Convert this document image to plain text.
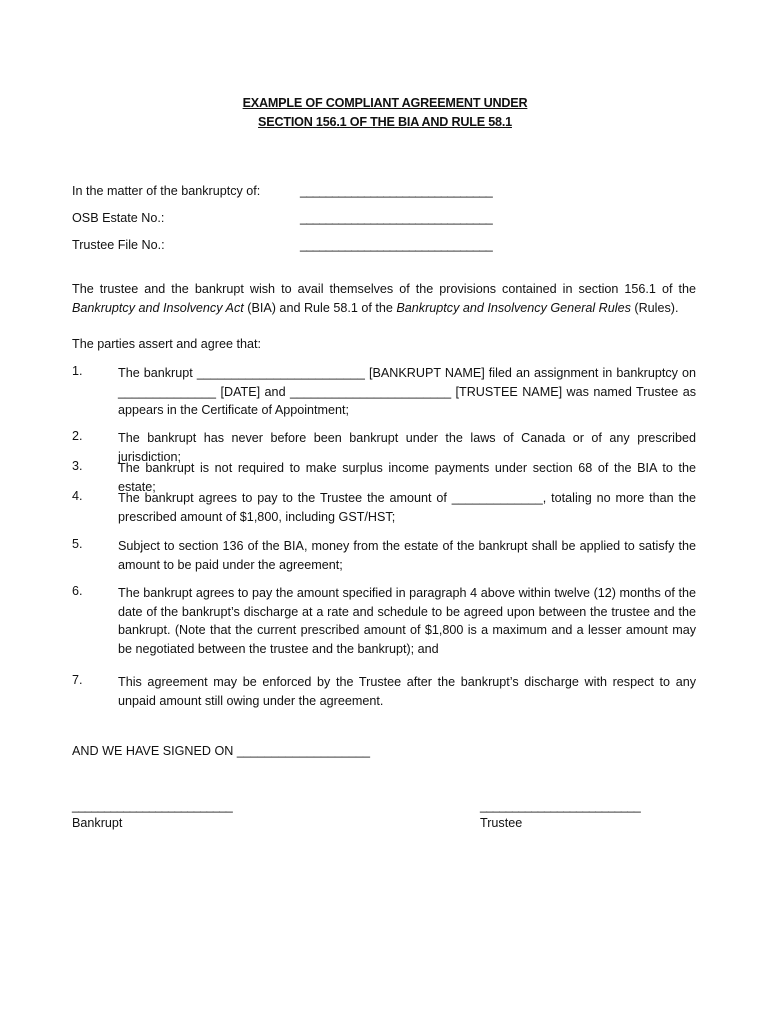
EXAMPLE OF COMPLIANT AGREEMENT UNDER
SECTION 156.1 OF THE BIA AND RULE 58.1
In the matter of the bankruptcy of:	______________________________
OSB Estate No.:	______________________________
Trustee File No.:	______________________________

The trustee and the bankrupt wish to avail themselves of the provisions contained in section 156.1 of the Bankruptcy and Insolvency Act (BIA) and Rule 58.1 of the Bankruptcy and Insolvency General Rules (Rules).

The parties assert and agree that:

1.	The bankrupt ________________________ [BANKRUPT NAME] filed an assignment in bankruptcy on ______________ [DATE] and _______________________ [TRUSTEE NAME] was named Trustee as appears in the Certificate of Appointment;

2.	The bankrupt has never before been bankrupt under the laws of Canada or of any prescribed jurisdiction;

3.	The bankrupt is not required to make surplus income payments under section 68 of the BIA to the estate;

4.	The bankrupt agrees to pay to the Trustee the amount of _____________, totaling no more than the prescribed amount of $1,800, including GST/HST;

5.	Subject to section 136 of the BIA, money from the estate of the bankrupt shall be applied to satisfy the amount to be paid under the agreement;

6.	The bankrupt agrees to pay the amount specified in paragraph 4 above within twelve (12) months of the date of the bankrupt’s discharge at a rate and schedule to be agreed upon between the trustee and the bankrupt. (Note that the current prescribed amount of $1,800 is a maximum and a lesser amount may be negotiated between the trustee and the bankrupt); and

7.	This agreement may be enforced by the Trustee after the bankrupt’s discharge with respect to any unpaid amount still owing under the agreement.

AND WE HAVE SIGNED ON ___________________
_________________________
Bankrupt
_________________________
Trustee
